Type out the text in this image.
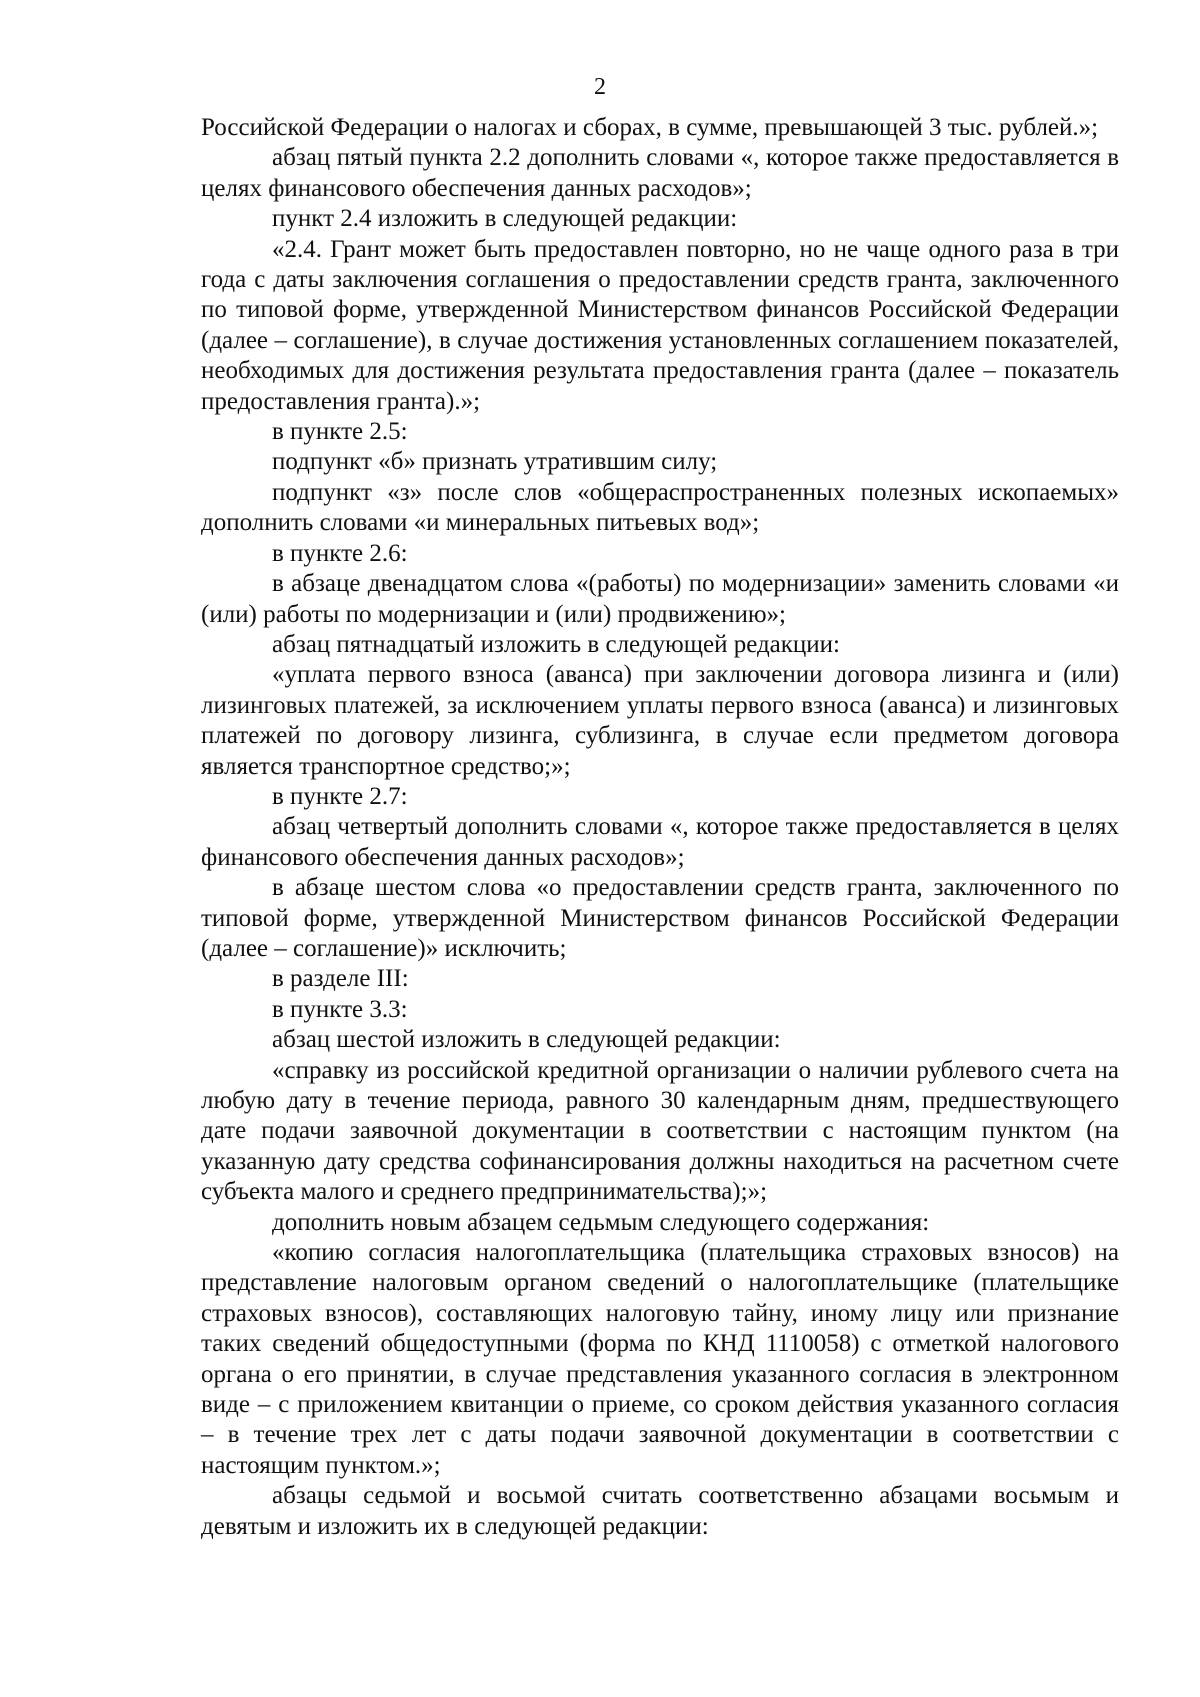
2

Российской Федерации о налогах и сборах, в сумме, превышающей 3 тыс. рублей.»;

абзац пятый пункта 2.2 дополнить словами «, которое также предоставляется в целях финансового обеспечения данных расходов»;

пункт 2.4 изложить в следующей редакции:

«2.4. Грант может быть предоставлен повторно, но не чаще одного раза в три года с даты заключения соглашения о предоставлении средств гранта, заключенного по типовой форме, утвержденной Министерством финансов Российской Федерации (далее – соглашение), в случае достижения установленных соглашением показателей, необходимых для достижения результата предоставления гранта (далее – показатель предоставления гранта).»;

в пункте 2.5:

подпункт «б» признать утратившим силу;

подпункт «з» после слов «общераспространенных полезных ископаемых» дополнить словами «и минеральных питьевых вод»;

в пункте 2.6:

в абзаце двенадцатом слова «(работы) по модернизации» заменить словами «и (или) работы по модернизации и (или) продвижению»;

абзац пятнадцатый изложить в следующей редакции:

«уплата первого взноса (аванса) при заключении договора лизинга и (или) лизинговых платежей, за исключением уплаты первого взноса (аванса) и лизинговых платежей по договору лизинга, сублизинга, в случае если предметом договора является транспортное средство;»;

в пункте 2.7:

абзац четвертый дополнить словами «, которое также предоставляется в целях финансового обеспечения данных расходов»;

в абзаце шестом слова «о предоставлении средств гранта, заключенного по типовой форме, утвержденной Министерством финансов Российской Федерации (далее – соглашение)» исключить;

в разделе III:

в пункте 3.3:

абзац шестой изложить в следующей редакции:

«справку из российской кредитной организации о наличии рублевого счета на любую дату в течение периода, равного 30 календарным дням, предшествующего дате подачи заявочной документации в соответствии с настоящим пунктом (на указанную дату средства софинансирования должны находиться на расчетном счете субъекта малого и среднего предпринимательства);»;

дополнить новым абзацем седьмым следующего содержания:

«копию согласия налогоплательщика (плательщика страховых взносов) на представление налоговым органом сведений о налогоплательщике (плательщике страховых взносов), составляющих налоговую тайну, иному лицу или признание таких сведений общедоступными (форма по КНД 1110058) с отметкой налогового органа о его принятии, в случае представления указанного согласия в электронном виде – с приложением квитанции о приеме, со сроком действия указанного согласия – в течение трех лет с даты подачи заявочной документации в соответствии с настоящим пунктом.»;

абзацы седьмой и восьмой считать соответственно абзацами восьмым и девятым и изложить их в следующей редакции:
